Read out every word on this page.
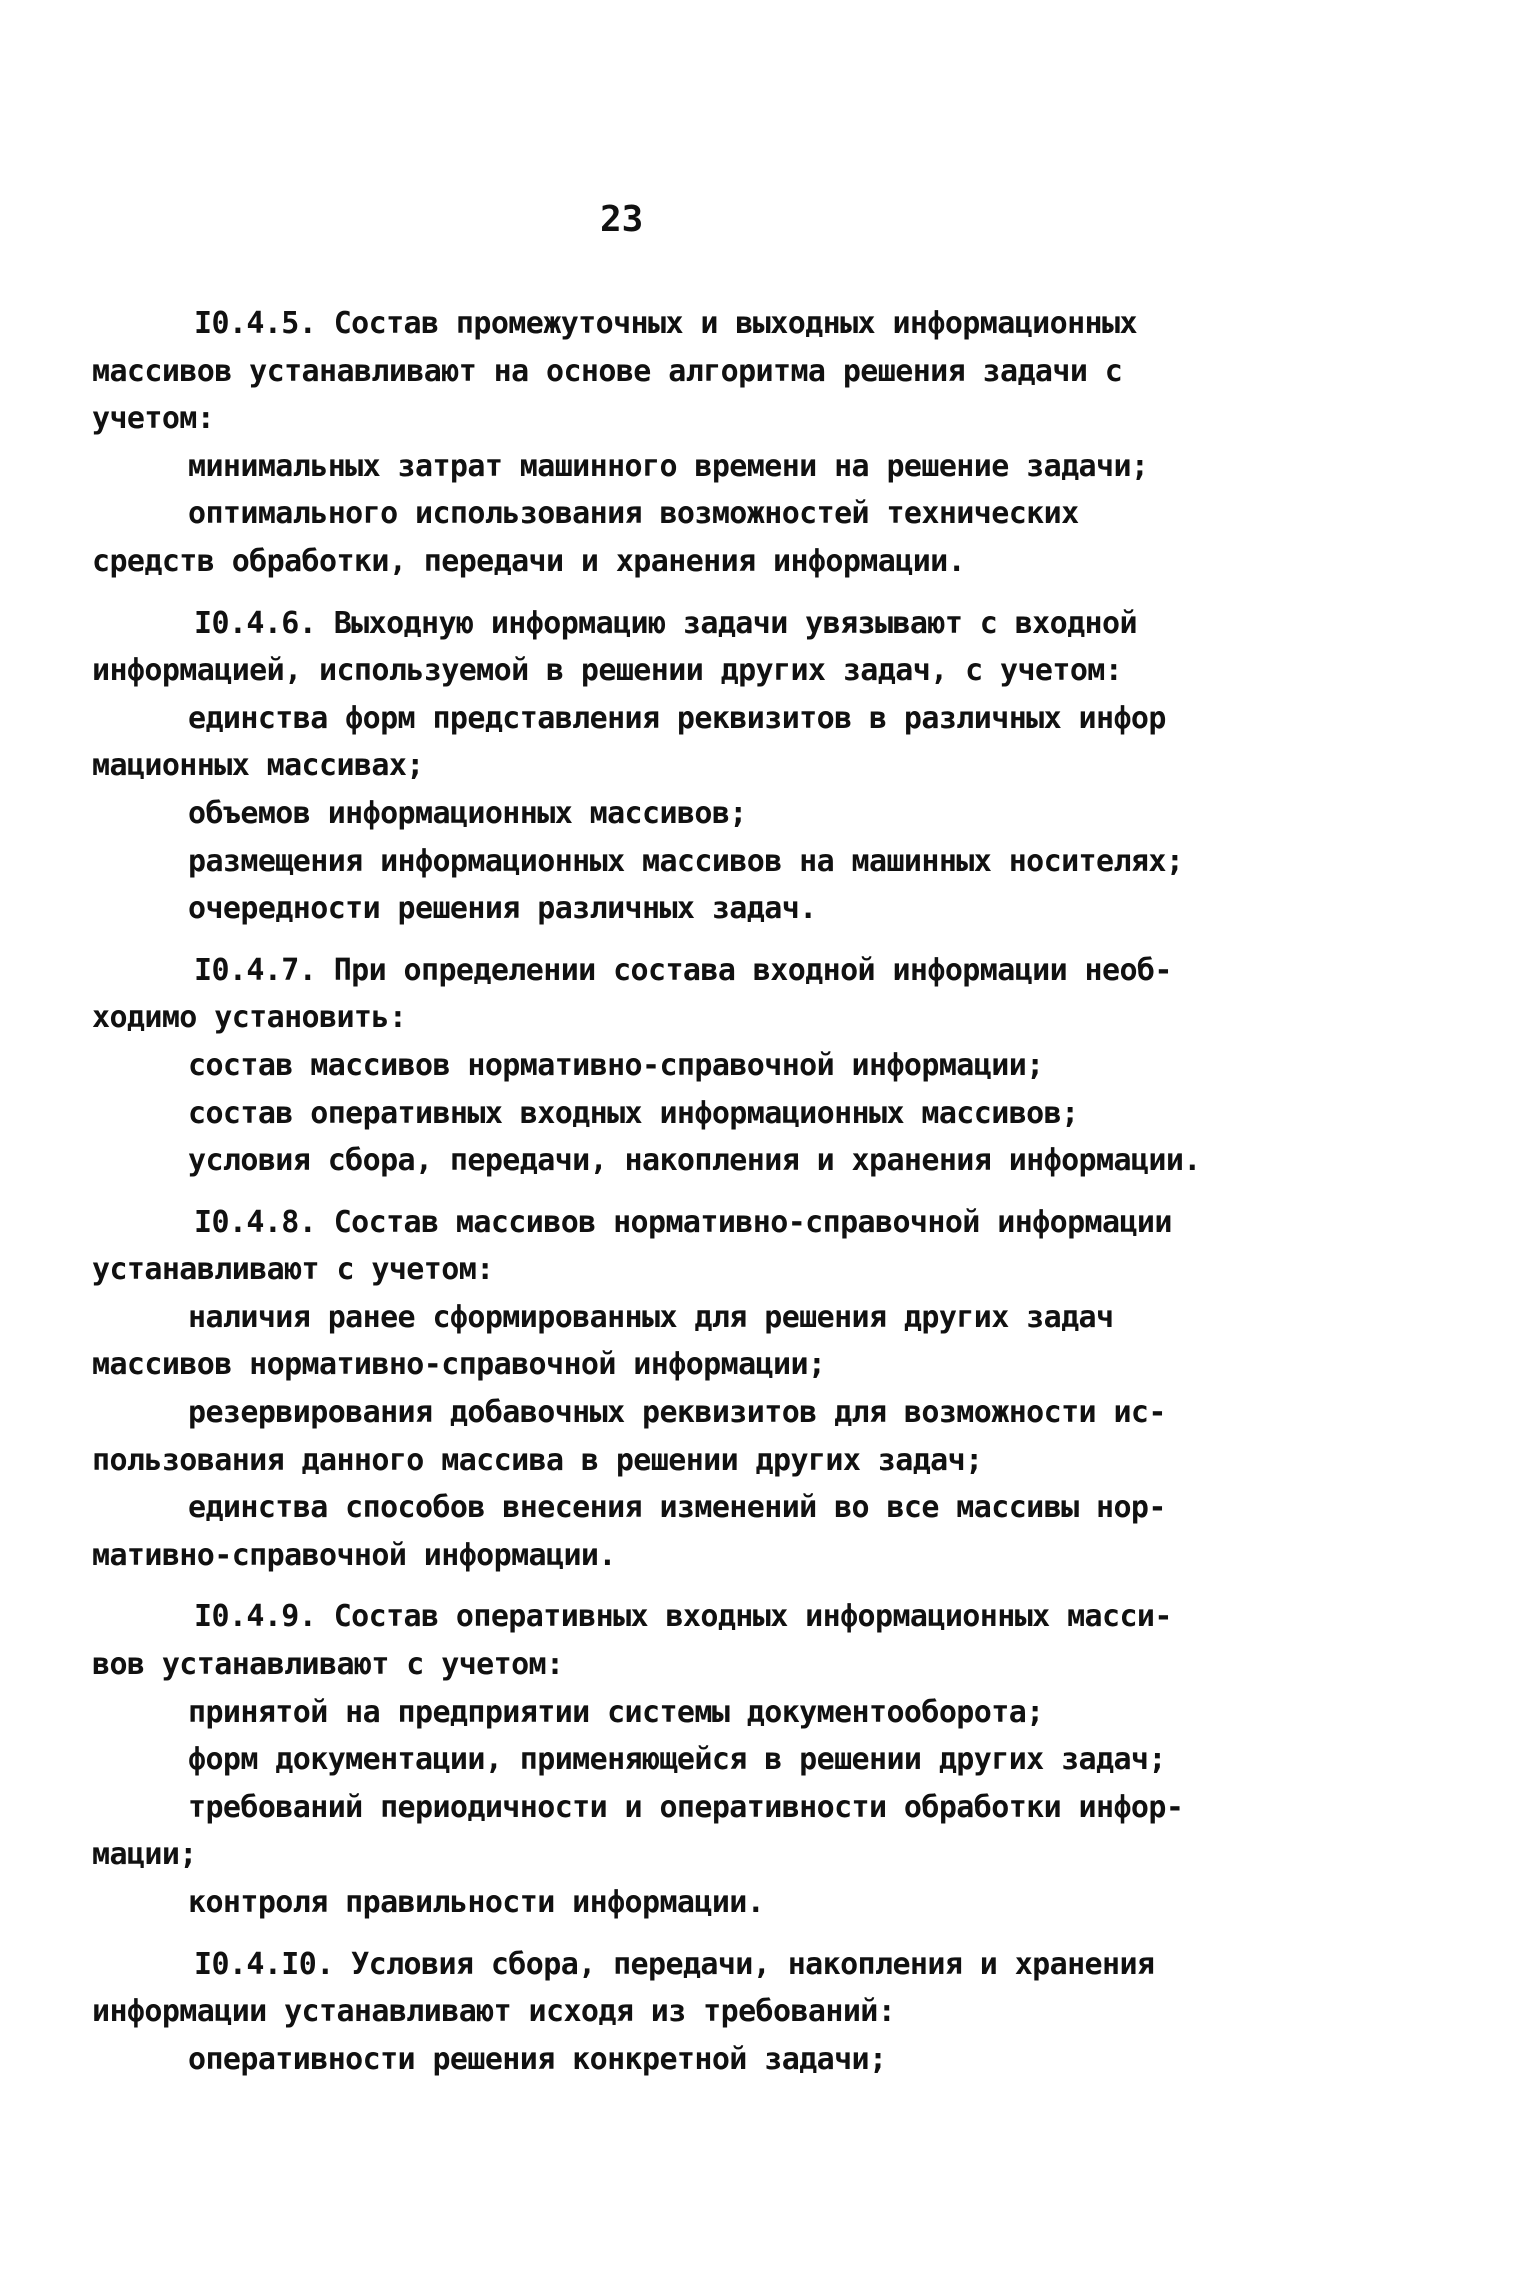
23
I0.4.5. Состав промежуточных и выходных информационных
массивов устанавливают на основе алгоритма решения задачи с
учетом:
минимальных затрат машинного времени на решение задачи;
оптимального использования возможностей технических
средств обработки, передачи и хранения информации.
I0.4.6. Выходную информацию задачи увязывают с входной
информацией, используемой в решении других задач, с учетом:
единства форм представления реквизитов в различных инфор
мационных массивах;
объемов информационных массивов;
размещения информационных массивов на машинных носителях;
очередности решения различных задач.
I0.4.7. При определении состава входной информации необ-
ходимо установить:
состав массивов нормативно-справочной информации;
состав оперативных входных информационных массивов;
условия сбора, передачи, накопления и хранения информации.
I0.4.8. Состав массивов нормативно-справочной информации
устанавливают с учетом:
наличия ранее сформированных для решения других задач
массивов нормативно-справочной информации;
резервирования добавочных реквизитов для возможности ис-
пользования данного массива в решении других задач;
единства способов внесения изменений во все массивы нор-
мативно-справочной информации.
I0.4.9. Состав оперативных входных информационных масси-
вов устанавливают с учетом:
принятой на предприятии системы документооборота;
форм документации, применяющейся в решении других задач;
требований периодичности и оперативности обработки инфор-
мации;
контроля правильности информации.
I0.4.I0. Условия сбора, передачи, накопления и хранения
информации устанавливают исходя из требований:
оперативности решения конкретной задачи;
